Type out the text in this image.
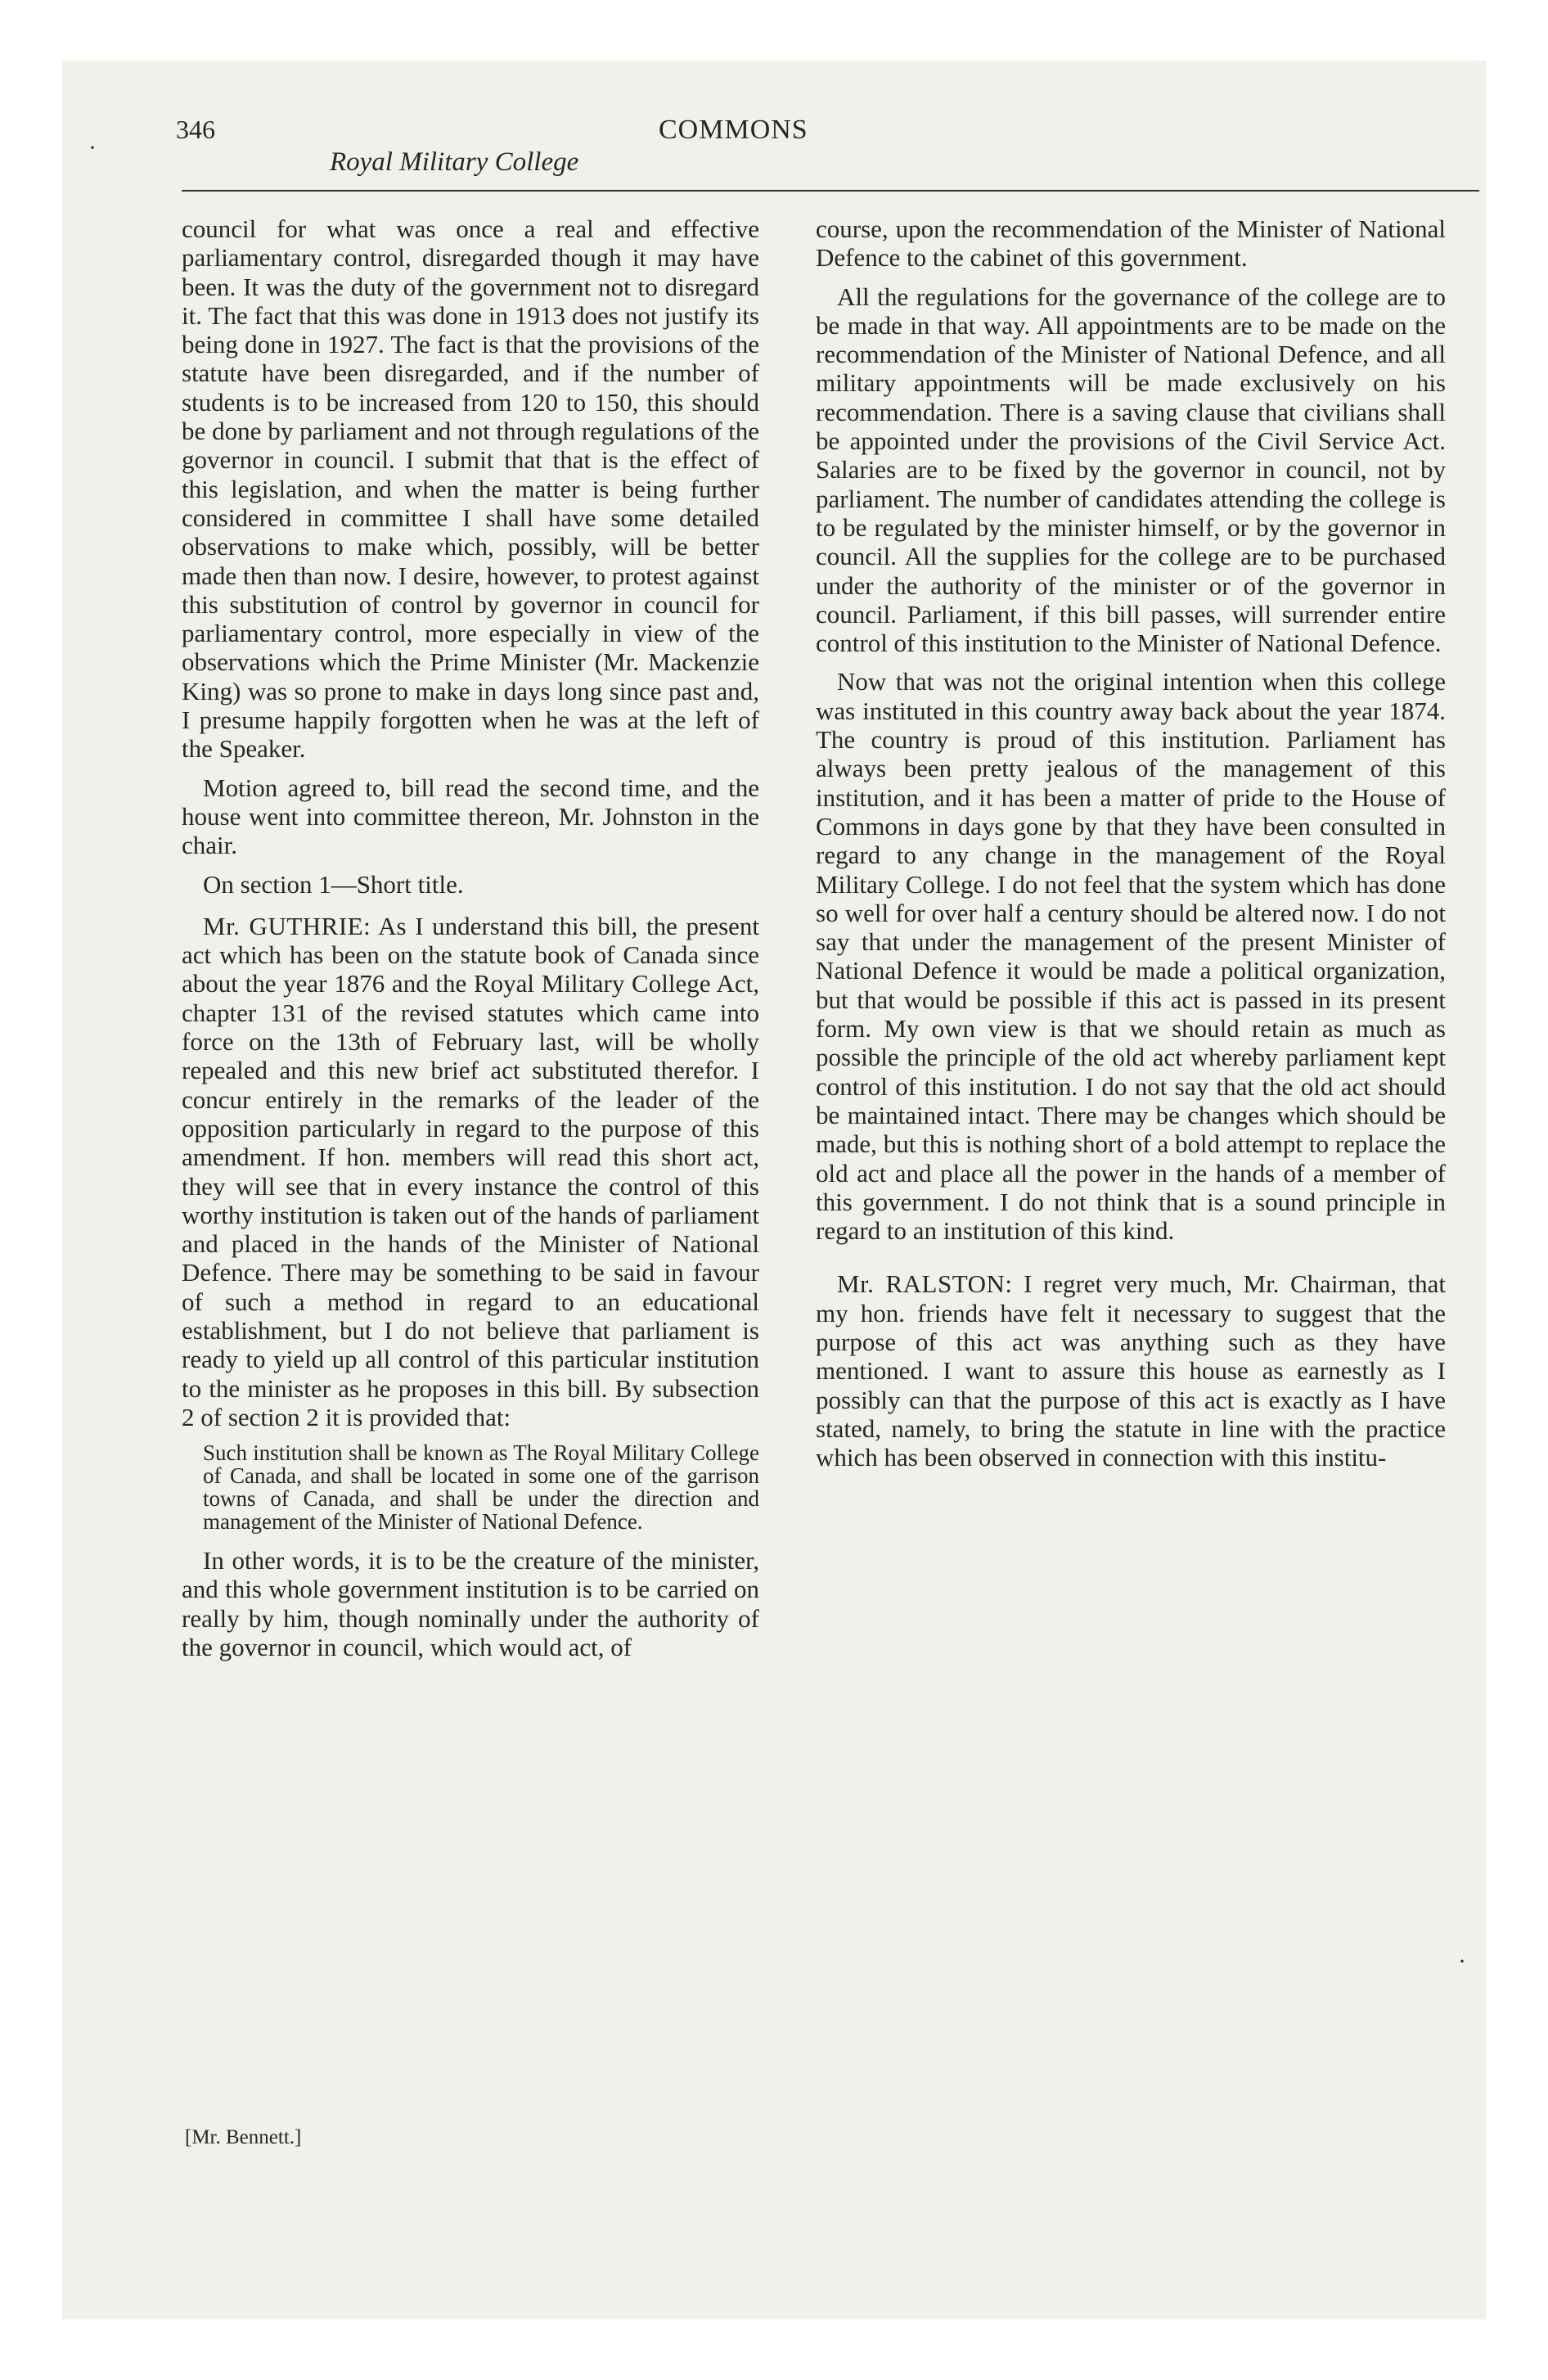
·
·
346	COMMONS
Royal Military College

council for what was once a real and effective parliamentary control, disregarded though it may have been. It was the duty of the government not to disregard it. The fact that this was done in 1913 does not justify its being done in 1927. The fact is that the provisions of the statute have been disregarded, and if the number of students is to be increased from 120 to 150, this should be done by parliament and not through regulations of the governor in council. I submit that that is the effect of this legislation, and when the matter is being further considered in committee I shall have some detailed observations to make which, possibly, will be better made then than now. I desire, however, to protest against this substitution of control by governor in council for parliamentary control, more especially in view of the observations which the Prime Minister (Mr. Mackenzie King) was so prone to make in days long since past and, I presume happily forgotten when he was at the left of the Speaker.

Motion agreed to, bill read the second time, and the house went into committee thereon, Mr. Johnston in the chair.

On section 1—Short title.

Mr. GUTHRIE: As I understand this bill, the present act which has been on the statute book of Canada since about the year 1876 and the Royal Military College Act, chapter 131 of the revised statutes which came into force on the 13th of February last, will be wholly repealed and this new brief act substituted therefor. I concur entirely in the remarks of the leader of the opposition particularly in regard to the purpose of this amendment. If hon. members will read this short act, they will see that in every instance the control of this worthy institution is taken out of the hands of parliament and placed in the hands of the Minister of National Defence. There may be something to be said in favour of such a method in regard to an educational establishment, but I do not believe that parliament is ready to yield up all control of this particular institution to the minister as he proposes in this bill. By subsection 2 of section 2 it is provided that:

Such institution shall be known as The Royal Military College of Canada, and shall be located in some one of the garrison towns of Canada, and shall be under the direction and management of the Minister of National Defence.

In other words, it is to be the creature of the minister, and this whole government institution is to be carried on really by him, though nominally under the authority of the governor in council, which would act, of

course, upon the recommendation of the Minister of National Defence to the cabinet of this government.

All the regulations for the governance of the college are to be made in that way. All appointments are to be made on the recommendation of the Minister of National Defence, and all military appointments will be made exclusively on his recommendation. There is a saving clause that civilians shall be appointed under the provisions of the Civil Service Act. Salaries are to be fixed by the governor in council, not by parliament. The number of candidates attending the college is to be regulated by the minister himself, or by the governor in council. All the supplies for the college are to be purchased under the authority of the minister or of the governor in council. Parliament, if this bill passes, will surrender entire control of this institution to the Minister of National Defence.

Now that was not the original intention when this college was instituted in this country away back about the year 1874. The country is proud of this institution. Parliament has always been pretty jealous of the management of this institution, and it has been a matter of pride to the House of Commons in days gone by that they have been consulted in regard to any change in the management of the Royal Military College. I do not feel that the system which has done so well for over half a century should be altered now. I do not say that under the management of the present Minister of National Defence it would be made a political organization, but that would be possible if this act is passed in its present form. My own view is that we should retain as much as possible the principle of the old act whereby parliament kept control of this institution. I do not say that the old act should be maintained intact. There may be changes which should be made, but this is nothing short of a bold attempt to replace the old act and place all the power in the hands of a member of this government. I do not think that is a sound principle in regard to an institution of this kind.

Mr. RALSTON: I regret very much, Mr. Chairman, that my hon. friends have felt it necessary to suggest that the purpose of this act was anything such as they have mentioned. I want to assure this house as earnestly as I possibly can that the purpose of this act is exactly as I have stated, namely, to bring the statute in line with the practice which has been observed in connection with this institu-

[Mr. Bennett.]
